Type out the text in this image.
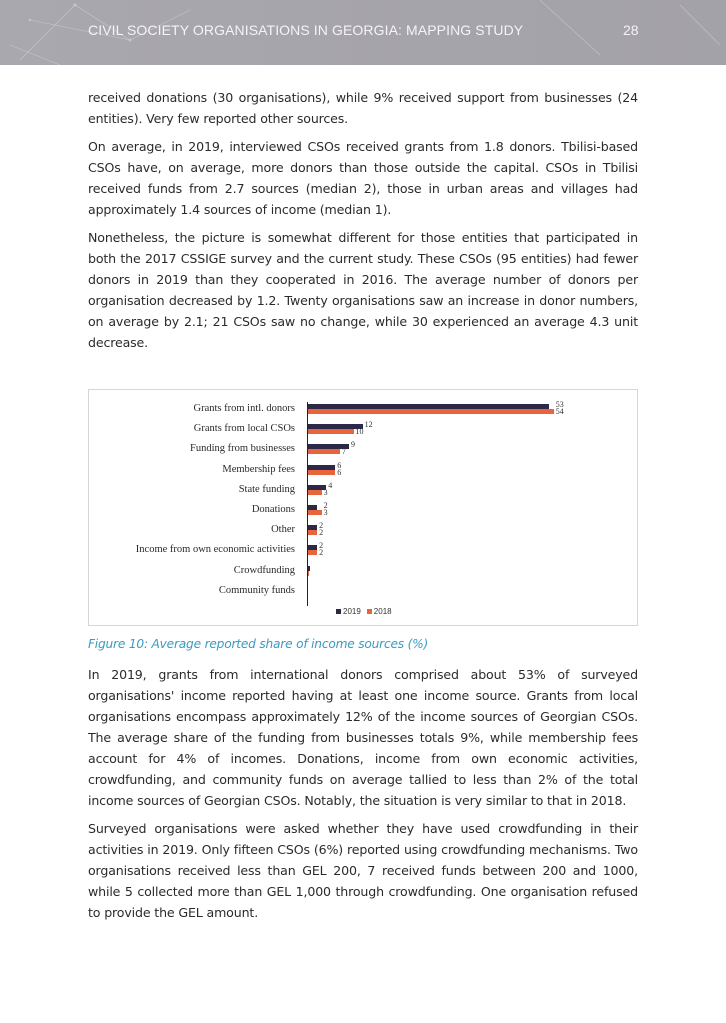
CIVIL SOCIETY ORGANISATIONS IN GEORGIA: MAPPING STUDY	28

received donations (30 organisations), while 9% received support from businesses (24 entities). Very few reported other sources.

On average, in 2019, interviewed CSOs received grants from 1.8 donors. Tbilisi-based CSOs have, on average, more donors than those outside the capital. CSOs in Tbilisi received funds from 2.7 sources (median 2), those in urban areas and villages had approximately 1.4 sources of income (median 1).

Nonetheless, the picture is somewhat different for those entities that participated in both the 2017 CSSIGE survey and the current study. These CSOs (95 entities) had fewer donors in 2019 than they cooperated in 2016. The average number of donors per organisation decreased by 1.2. Twenty organisations saw an increase in donor numbers, on average by 2.1; 21 CSOs saw no change, while 30 experienced an average 4.3 unit decrease.

Grants from intl. donors	53
54
Grants from local CSOs	12
10
Funding from businesses	9
7
Membership fees	6
6
State funding	4
3
Donations	2
3
Other	2
2
Income from own economic activities	2
2
Crowdfunding
Community funds
2019 2018
Figure 10: Average reported share of income sources (%)

In 2019, grants from international donors comprised about 53% of surveyed organisations' income reported having at least one income source. Grants from local organisations encompass approximately 12% of the income sources of Georgian CSOs. The average share of the funding from businesses totals 9%, while membership fees account for 4% of incomes. Donations, income from own economic activities, crowdfunding, and community funds on average tallied to less than 2% of the total income sources of Georgian CSOs. Notably, the situation is very similar to that in 2018.

Surveyed organisations were asked whether they have used crowdfunding in their activities in 2019. Only fifteen CSOs (6%) reported using crowdfunding mechanisms. Two organisations received less than GEL 200, 7 received funds between 200 and 1000, while 5 collected more than GEL 1,000 through crowdfunding. One organisation refused to provide the GEL amount.
